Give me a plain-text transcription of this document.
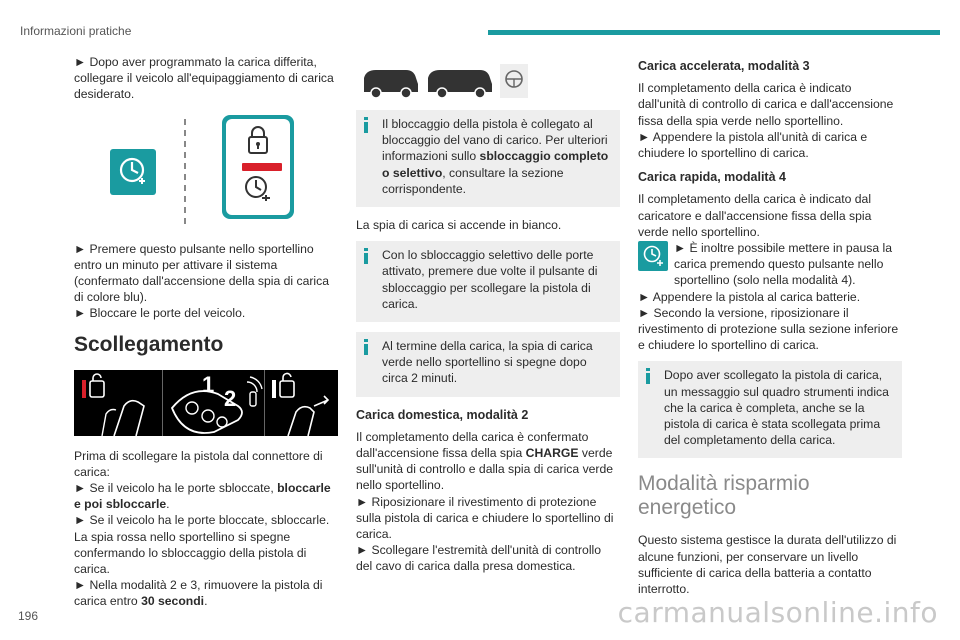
Informazioni pratiche

► Dopo aver programmato la carica differita, collegare il veicolo all'equipaggiamento di carica desiderato.

► Premere questo pulsante nello sportellino entro un minuto per attivare il sistema (confermato dall'accensione della spia di carica di colore blu).

► Bloccare le porte del veicolo.

Scollegamento
1
2

Prima di scollegare la pistola dal connettore di carica:

► Se il veicolo ha le porte sbloccate, bloccarle e poi sbloccarle.

► Se il veicolo ha le porte bloccate, sbloccarle.

La spia rossa nello sportellino si spegne confermando lo sbloccaggio della pistola di carica.

► Nella modalità 2 e 3, rimuovere la pistola di carica entro 30 secondi.

Il bloccaggio della pistola è collegato al bloccaggio del vano di carico. Per ulteriori informazioni sullo sbloccaggio completo o selettivo, consultare la sezione corrispondente.

La spia di carica si accende in bianco.

Con lo sbloccaggio selettivo delle porte attivato, premere due volte il pulsante di sbloccaggio per scollegare la pistola di carica.

Al termine della carica, la spia di carica verde nello sportellino si spegne dopo circa 2 minuti.

Carica domestica, modalità 2

Il completamento della carica è confermato dall'accensione fissa della spia CHARGE verde sull'unità di controllo e dalla spia di carica verde nello sportellino.

► Riposizionare il rivestimento di protezione sulla pistola di carica e chiudere lo sportellino di carica.

► Scollegare l'estremità dell'unità di controllo del cavo di carica dalla presa domestica.

Carica accelerata, modalità 3

Il completamento della carica è indicato dall'unità di controllo di carica e dall'accensione fissa della spia verde nello sportellino.

► Appendere la pistola all'unità di carica e chiudere lo sportellino di carica.

Carica rapida, modalità 4

Il completamento della carica è indicato dal caricatore e dall'accensione fissa della spia verde nello sportellino.

► È inoltre possibile mettere in pausa la carica premendo questo pulsante nello sportellino (solo nella modalità 4).

► Appendere la pistola al carica batterie.

► Secondo la versione, riposizionare il rivestimento di protezione sulla sezione inferiore e chiudere lo sportellino di carica.

Dopo aver scollegato la pistola di carica, un messaggio sul quadro strumenti indica che la carica è completa, anche se la pistola di carica è stata scollegata prima del completamento della carica.

Modalità risparmio energetico

Questo sistema gestisce la durata dell'utilizzo di alcune funzioni, per conservare un livello sufficiente di carica della batteria a contatto interrotto.

196	carmanualsonline.info
